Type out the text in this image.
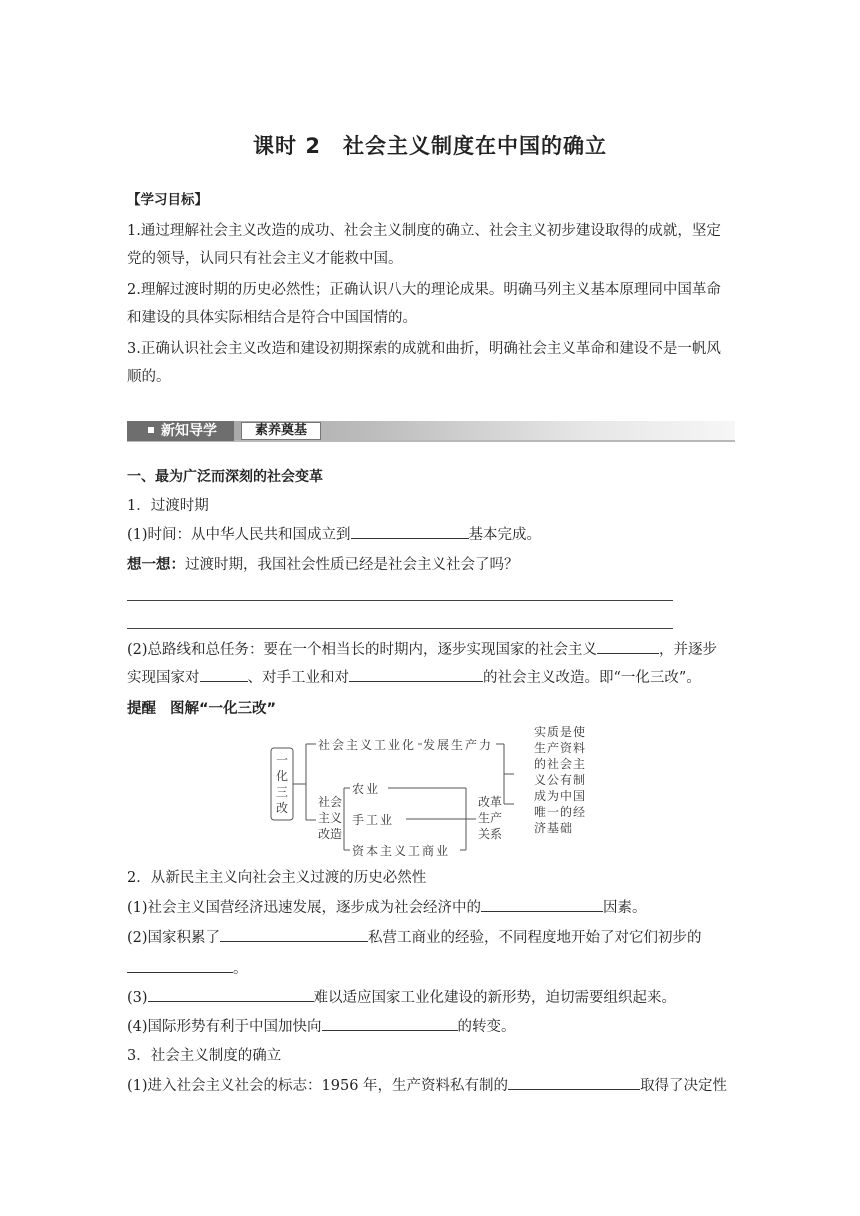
课时 2 社会主义制度在中国的确立
【学习目标】
1.通过理解社会主义改造的成功、社会主义制度的确立、社会主义初步建设取得的成就，坚定党的领导，认同只有社会主义才能救中国。
2.理解过渡时期的历史必然性；正确认识八大的理论成果。明确马列主义基本原理同中国革命和建设的具体实际相结合是符合中国国情的。
3.正确认识社会主义改造和建设初期探索的成就和曲折，明确社会主义革命和建设不是一帆风顺的。
新知导学	素养奠基
一、最为广泛而深刻的社会变革
1．过渡时期
(1)时间：从中华人民共和国成立到	基本完成。
想一想：过渡时期，我国社会性质已经是社会主义社会了吗？
(2)总路线和总任务：要在一个相当长的时期内，逐步实现国家的社会主义	，并逐步
实现国家对	、对手工业和对	的社会主义改造。即“一化三改”。
提醒 图解“一化三改”
一
化
三
改
社会主义工业化 发展生产力
社会
主义
改造
农业
手工业
资本主义工商业
改革
生产
关系
实质是使
生产资料
的社会主
义公有制
成为中国
唯一的经
济基础
2．从新民主主义向社会主义过渡的历史必然性
(1)社会主义国营经济迅速发展，逐步成为社会经济中的	因素。
(2)国家积累了	私营工商业的经验，不同程度地开始了对它们初步的
。
(3)	难以适应国家工业化建设的新形势，迫切需要组织起来。
(4)国际形势有利于中国加快向	的转变。
3．社会主义制度的确立
(1)进入社会主义社会的标志：1956 年，生产资料私有制的	取得了决定性
